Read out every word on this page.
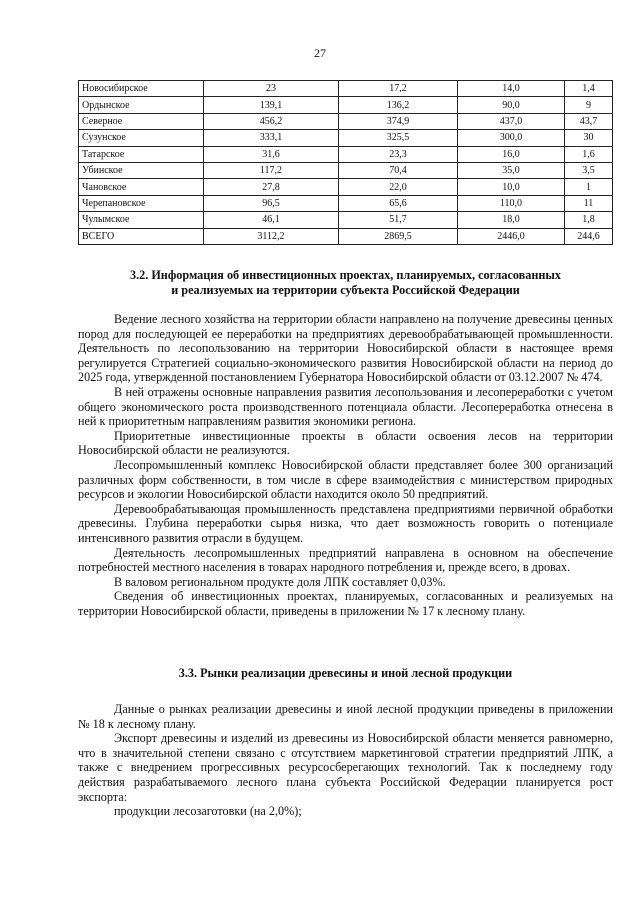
27
Новосибирское	23	17,2	14,0	1,4
Ордынское	139,1	136,2	90,0	9
Северное	456,2	374,9	437,0	43,7
Сузунское	333,1	325,5	300,0	30
Татарское	31,6	23,3	16,0	1,6
Убинское	117,2	70,4	35,0	3,5
Чановское	27,8	22,0	10,0	1
Черепановское	96,5	65,6	110,0	11
Чулымское	46,1	51,7	18,0	1,8
ВСЕГО	3112,2	2869,5	2446,0	244,6
3.2. Информация об инвестиционных проектах, планируемых, согласованных
и реализуемых на территории субъекта Российской Федерации

Ведение лесного хозяйства на территории области направлено на получение древесины ценных пород для последующей ее переработки на предприятиях деревообрабатывающей промышленности. Деятельность по лесопользованию на территории Новосибирской области в настоящее время регулируется Стратегией социально-экономического развития Новосибирской области на период до 2025 года, утвержденной постановлением Губернатора Новосибирской области от 03.12.2007 № 474.

В ней отражены основные направления развития лесопользования и лесопереработки с учетом общего экономического роста производственного потенциала области. Лесопереработка отнесена в ней к приоритетным направлениям развития экономики региона.

Приоритетные инвестиционные проекты в области освоения лесов на территории Новосибирской области не реализуются.

Лесопромышленный комплекс Новосибирской области представляет более 300 организаций различных форм собственности, в том числе в сфере взаимодействия с министерством природных ресурсов и экологии Новосибирской области находится около 50 предприятий.

Деревообрабатывающая промышленность представлена предприятиями первичной обработки древесины. Глубина переработки сырья низка, что дает возможность говорить о потенциале интенсивного развития отрасли в будущем.

Деятельность лесопромышленных предприятий направлена в основном на обеспечение потребностей местного населения в товарах народного потребления и, прежде всего, в дровах.

В валовом региональном продукте доля ЛПК составляет 0,03%.

Сведения об инвестиционных проектах, планируемых, согласованных и реализуемых на территории Новосибирской области, приведены в приложении № 17 к лесному плану.

3.3. Рынки реализации древесины и иной лесной продукции

Данные о рынках реализации древесины и иной лесной продукции приведены в приложении № 18 к лесному плану.

Экспорт древесины и изделий из древесины из Новосибирской области меняется равномерно, что в значительной степени связано с отсутствием маркетинговой стратегии предприятий ЛПК, а также с внедрением прогрессивных ресурсосберегающих технологий. Так к последнему году действия разрабатываемого лесного плана субъекта Российской Федерации планируется рост экспорта:

продукции лесозаготовки (на 2,0%);
